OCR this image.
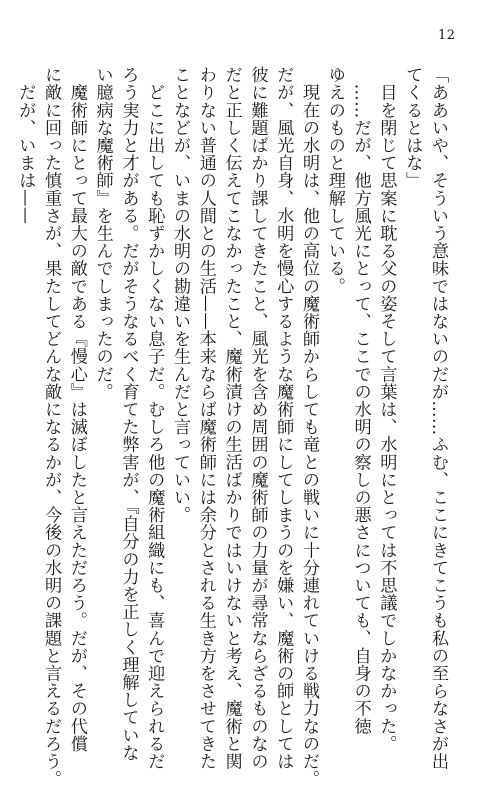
12

「ああいや、そういう意味ではないのだが……ふむ、ここにきてこうも私の至らなさが出

てくるとはな」

　目を閉じて思案に耽る父の姿そして言葉は、水明にとっては不思議でしかなかった。

　……だが、他方風光にとって、ここでの水明の察しの悪さについても、自身の不徳

ゆえのものと理解している。

　現在の水明は、他の高位の魔術師からしても竜との戦いに十分連れていける戦力なのだ。

だが、風光自身、水明を慢心するような魔術師にしてしまうのを嫌い、魔術の師としては

彼に難題ばかり課してきたこと、風光を含め周囲の魔術師の力量が尋常ならざるものなの

だと正しく伝えてこなかったこと、魔術漬けの生活ばかりではいけないと考え、魔術と関

わりない普通の人間との生活——本来ならば魔術師には余分とされる生き方をさせてきた

ことなどが、いまの水明の勘違いを生んだと言っていい。

　どこに出しても恥ずかしくない息子だ。むしろ他の魔術組織にも、喜んで迎えられるだ

ろう実力と才がある。だがそうなるべく育てた弊害が、『自分の力を正しく理解していな

い臆病な魔術師』を生んでしまったのだ。

　魔術師にとって最大の敵である『慢心』は滅ぼしたと言えただろう。だが、その代償

に敵に回った慎重さが、果たしてどんな敵になるかが、今後の水明の課題と言えるだろう。

　だが、いまは——
